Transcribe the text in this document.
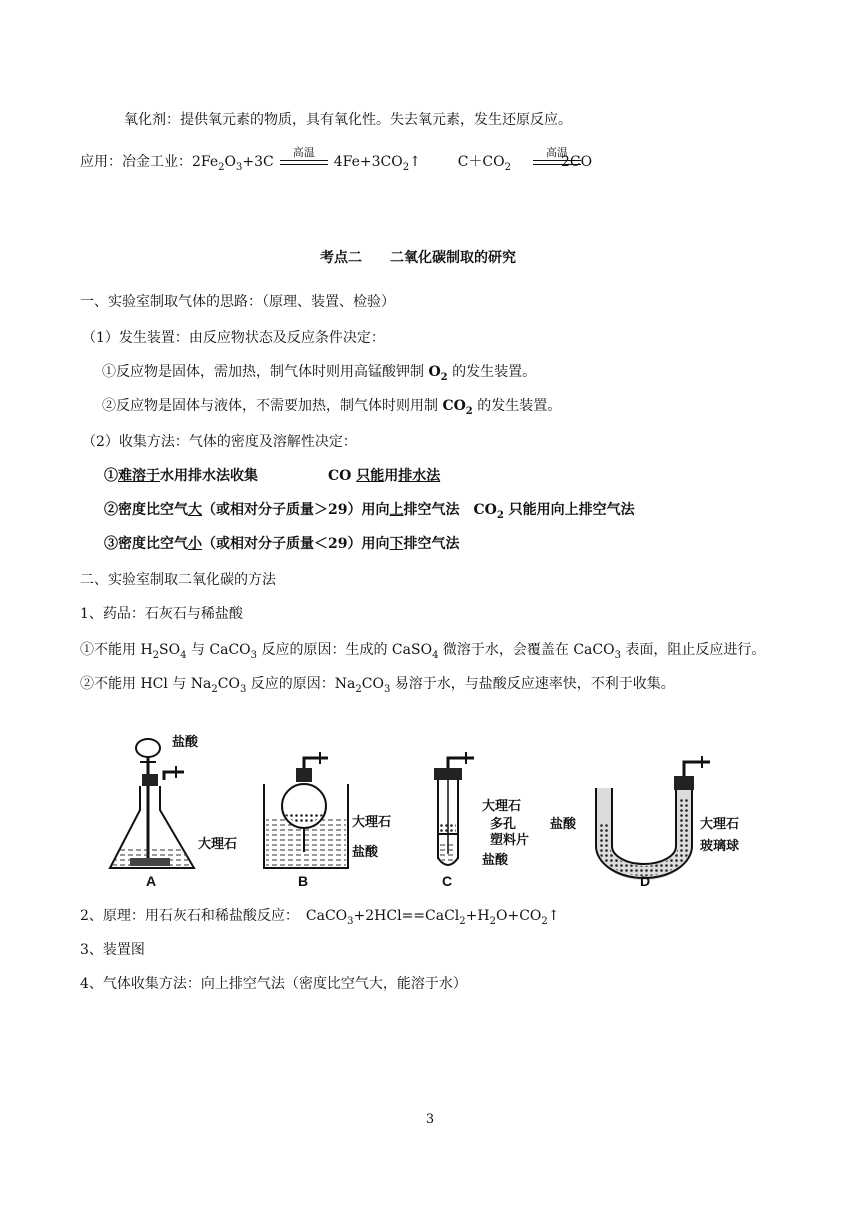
氧化剂：提供氧元素的物质，具有氧化性。失去氧元素，发生还原反应。
应用：冶金工业：$2Fe_2O_3+3C$
高温
$4Fe+3CO_2↑$	$C+CO_2$
高温
2CO
考点二　　二氧化碳制取的研究
一、实验室制取气体的思路：（原理、装置、检验）
（1）发生装置：由反应物状态及反应条件决定：
①反应物是固体，需加热，制气体时则用高锰酸钾制 $O_2$ 的发生装置。
②反应物是固体与液体，不需要加热，制气体时则用制 $CO_2$ 的发生装置。
（2）收集方法：气体的密度及溶解性决定：
①难溶于水用排水法收集　　　　　CO 只能用排水法
②密度比空气大（或相对分子质量＞29）用向上排空气法　$CO_2$ 只能用向上排空气法
③密度比空气小（或相对分子质量＜29）用向下排空气法
二、实验室制取二氧化碳的方法
1、药品：石灰石与稀盐酸
①不能用 $H_2SO_4$ 与 CaCO$_3$ 反应的原因：生成的 CaSO$_4$ 微溶于水，会覆盖在 CaCO$_3$ 表面，阻止反应进行。
②不能用 HCl 与 $Na_2CO_3$ 反应的原因：$Na_2CO_3$ 易溶于水，与盐酸反应速率快，不利于收集。
盐酸
大理石
A
大理石
盐酸
B
大理石
多孔
塑料片
盐酸
C
盐酸	大理石
玻璃球
D
2、原理：用石灰石和稀盐酸反应：　$CaCO_3+2HCl==CaCl_2+H_2O+CO_2↑$
3、装置图
4、气体收集方法：向上排空气法（密度比空气大，能溶于水）
3
